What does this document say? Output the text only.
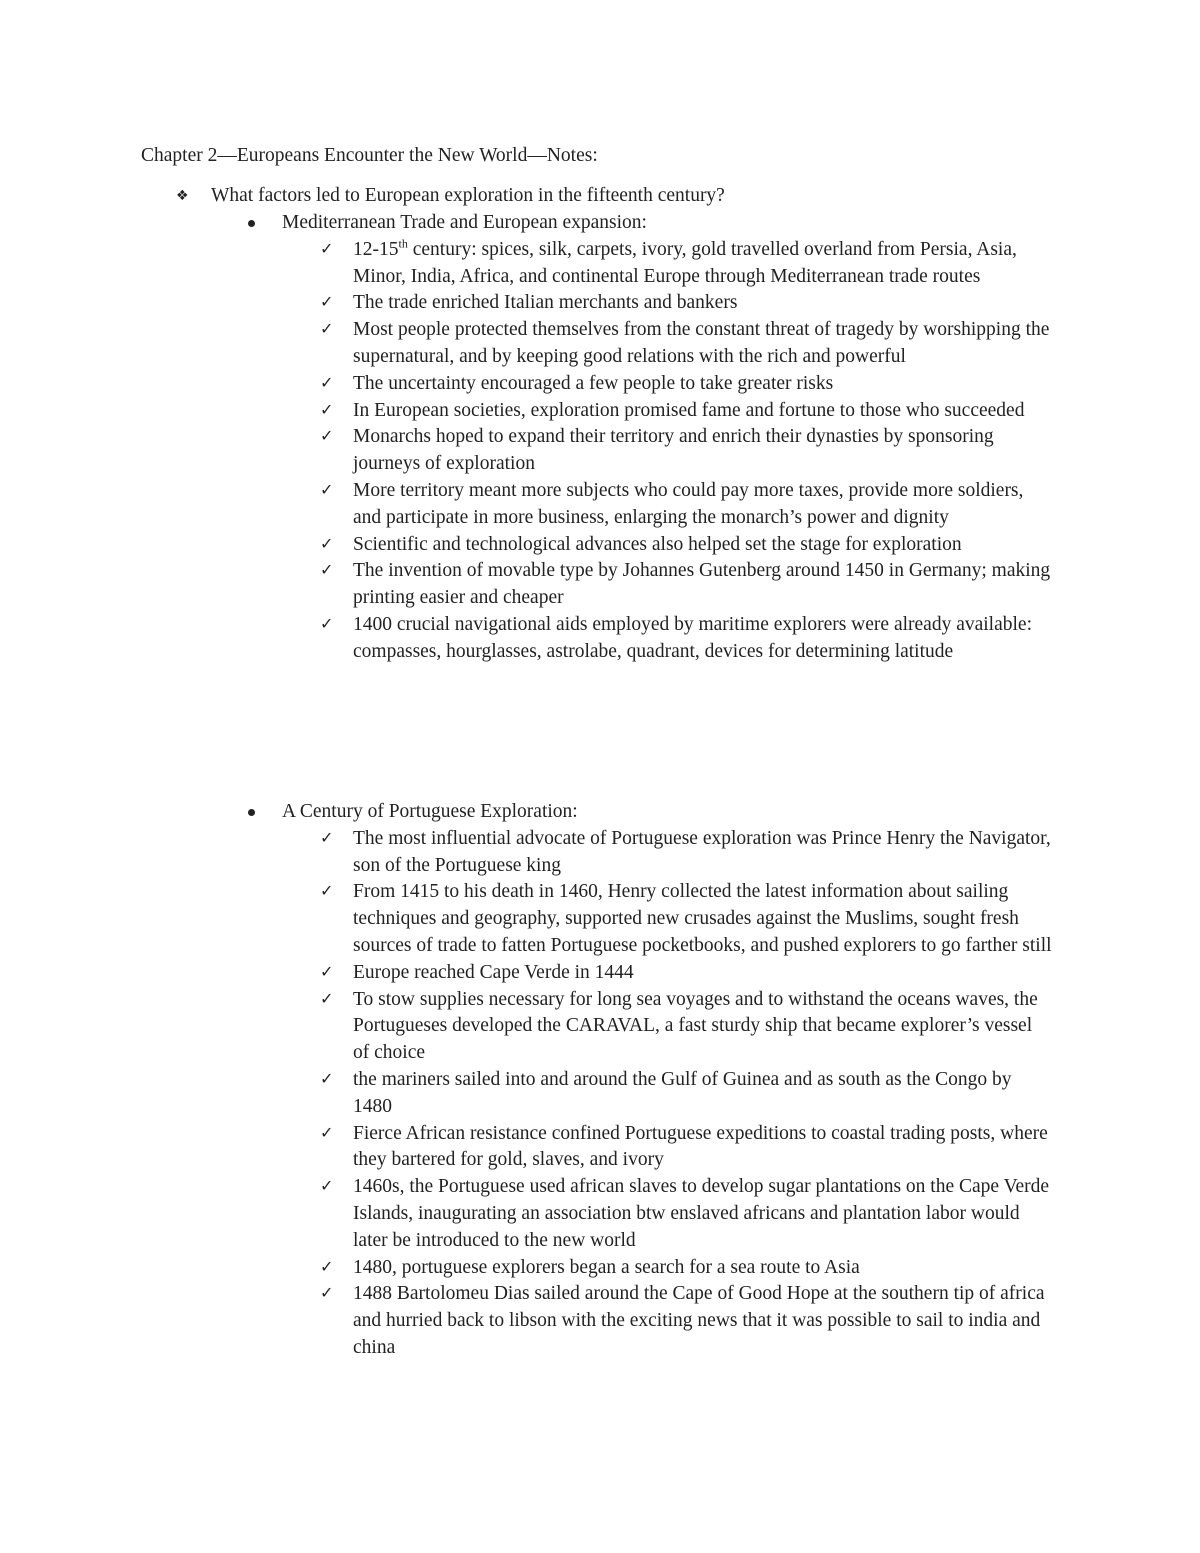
Chapter 2—Europeans Encounter the New World—Notes:
❖	What factors led to European exploration in the fifteenth century?
Mediterranean Trade and European expansion:
✓ 12-15th century: spices, silk, carpets, ivory, gold travelled overland from Persia, Asia, Minor, India, Africa, and continental Europe through Mediterranean trade routes
✓ The trade enriched Italian merchants and bankers
✓ Most people protected themselves from the constant threat of tragedy by worshipping the supernatural, and by keeping good relations with the rich and powerful
✓ The uncertainty encouraged a few people to take greater risks
✓ In European societies, exploration promised fame and fortune to those who succeeded
✓ Monarchs hoped to expand their territory and enrich their dynasties by sponsoring journeys of exploration
✓ More territory meant more subjects who could pay more taxes, provide more soldiers, and participate in more business, enlarging the monarch’s power and dignity
✓ Scientific and technological advances also helped set the stage for exploration
✓ The invention of movable type by Johannes Gutenberg around 1450 in Germany; making printing easier and cheaper
✓ 1400 crucial navigational aids employed by maritime explorers were already available: compasses, hourglasses, astrolabe, quadrant, devices for determining latitude
A Century of Portuguese Exploration:
✓ The most influential advocate of Portuguese exploration was Prince Henry the Navigator, son of the Portuguese king
✓ From 1415 to his death in 1460, Henry collected the latest information about sailing techniques and geography, supported new crusades against the Muslims, sought fresh sources of trade to fatten Portuguese pocketbooks, and pushed explorers to go farther still
✓ Europe reached Cape Verde in 1444
✓ To stow supplies necessary for long sea voyages and to withstand the oceans waves, the Portugueses developed the CARAVAL, a fast sturdy ship that became explorer’s vessel of choice
✓ the mariners sailed into and around the Gulf of Guinea and as south as the Congo by 1480
✓ Fierce African resistance confined Portuguese expeditions to coastal trading posts, where they bartered for gold, slaves, and ivory
✓ 1460s, the Portuguese used african slaves to develop sugar plantations on the Cape Verde Islands, inaugurating an association btw enslaved africans and plantation labor would later be introduced to the new world
✓ 1480, portuguese explorers began a search for a sea route to Asia
✓ 1488 Bartolomeu Dias sailed around the Cape of Good Hope at the southern tip of africa and hurried back to libson with the exciting news that it was possible to sail to india and china
